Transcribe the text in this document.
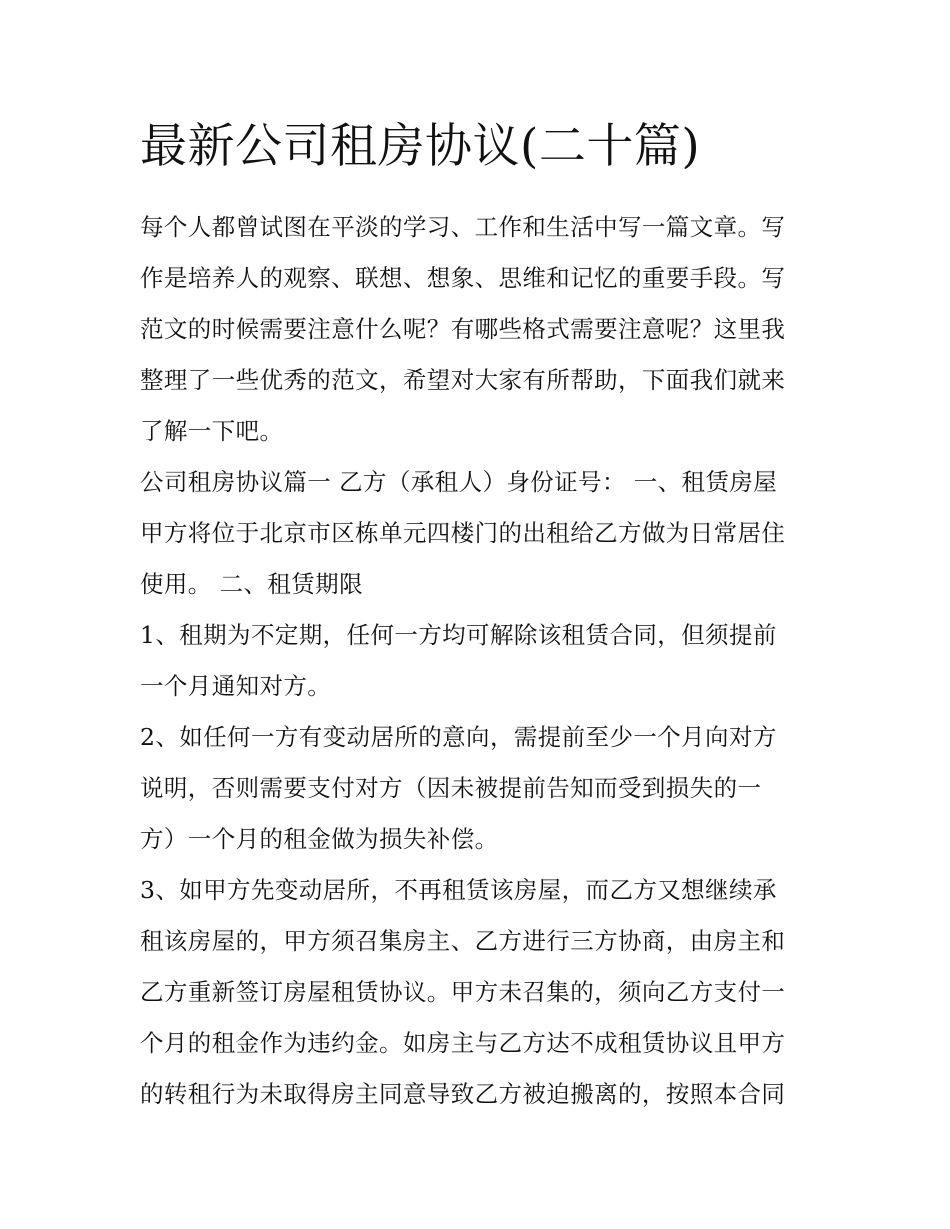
最新公司租房协议(二十篇)
每个人都曾试图在平淡的学习、工作和生活中写一篇文章。写
作是培养人的观察、联想、想象、思维和记忆的重要手段。写
范文的时候需要注意什么呢？有哪些格式需要注意呢？这里我
整理了一些优秀的范文，希望对大家有所帮助，下面我们就来
了解一下吧。
公司租房协议篇一 乙方（承租人）身份证号： 一、租赁房屋
甲方将位于北京市区栋单元四楼门的出租给乙方做为日常居住
使用。 二、租赁期限
1、租期为不定期，任何一方均可解除该租赁合同，但须提前
一个月通知对方。
2、如任何一方有变动居所的意向，需提前至少一个月向对方
说明，否则需要支付对方（因未被提前告知而受到损失的一
方）一个月的租金做为损失补偿。
3、如甲方先变动居所，不再租赁该房屋，而乙方又想继续承
租该房屋的，甲方须召集房主、乙方进行三方协商，由房主和
乙方重新签订房屋租赁协议。甲方未召集的，须向乙方支付一
个月的租金作为违约金。如房主与乙方达不成租赁协议且甲方
的转租行为未取得房主同意导致乙方被迫搬离的，按照本合同
